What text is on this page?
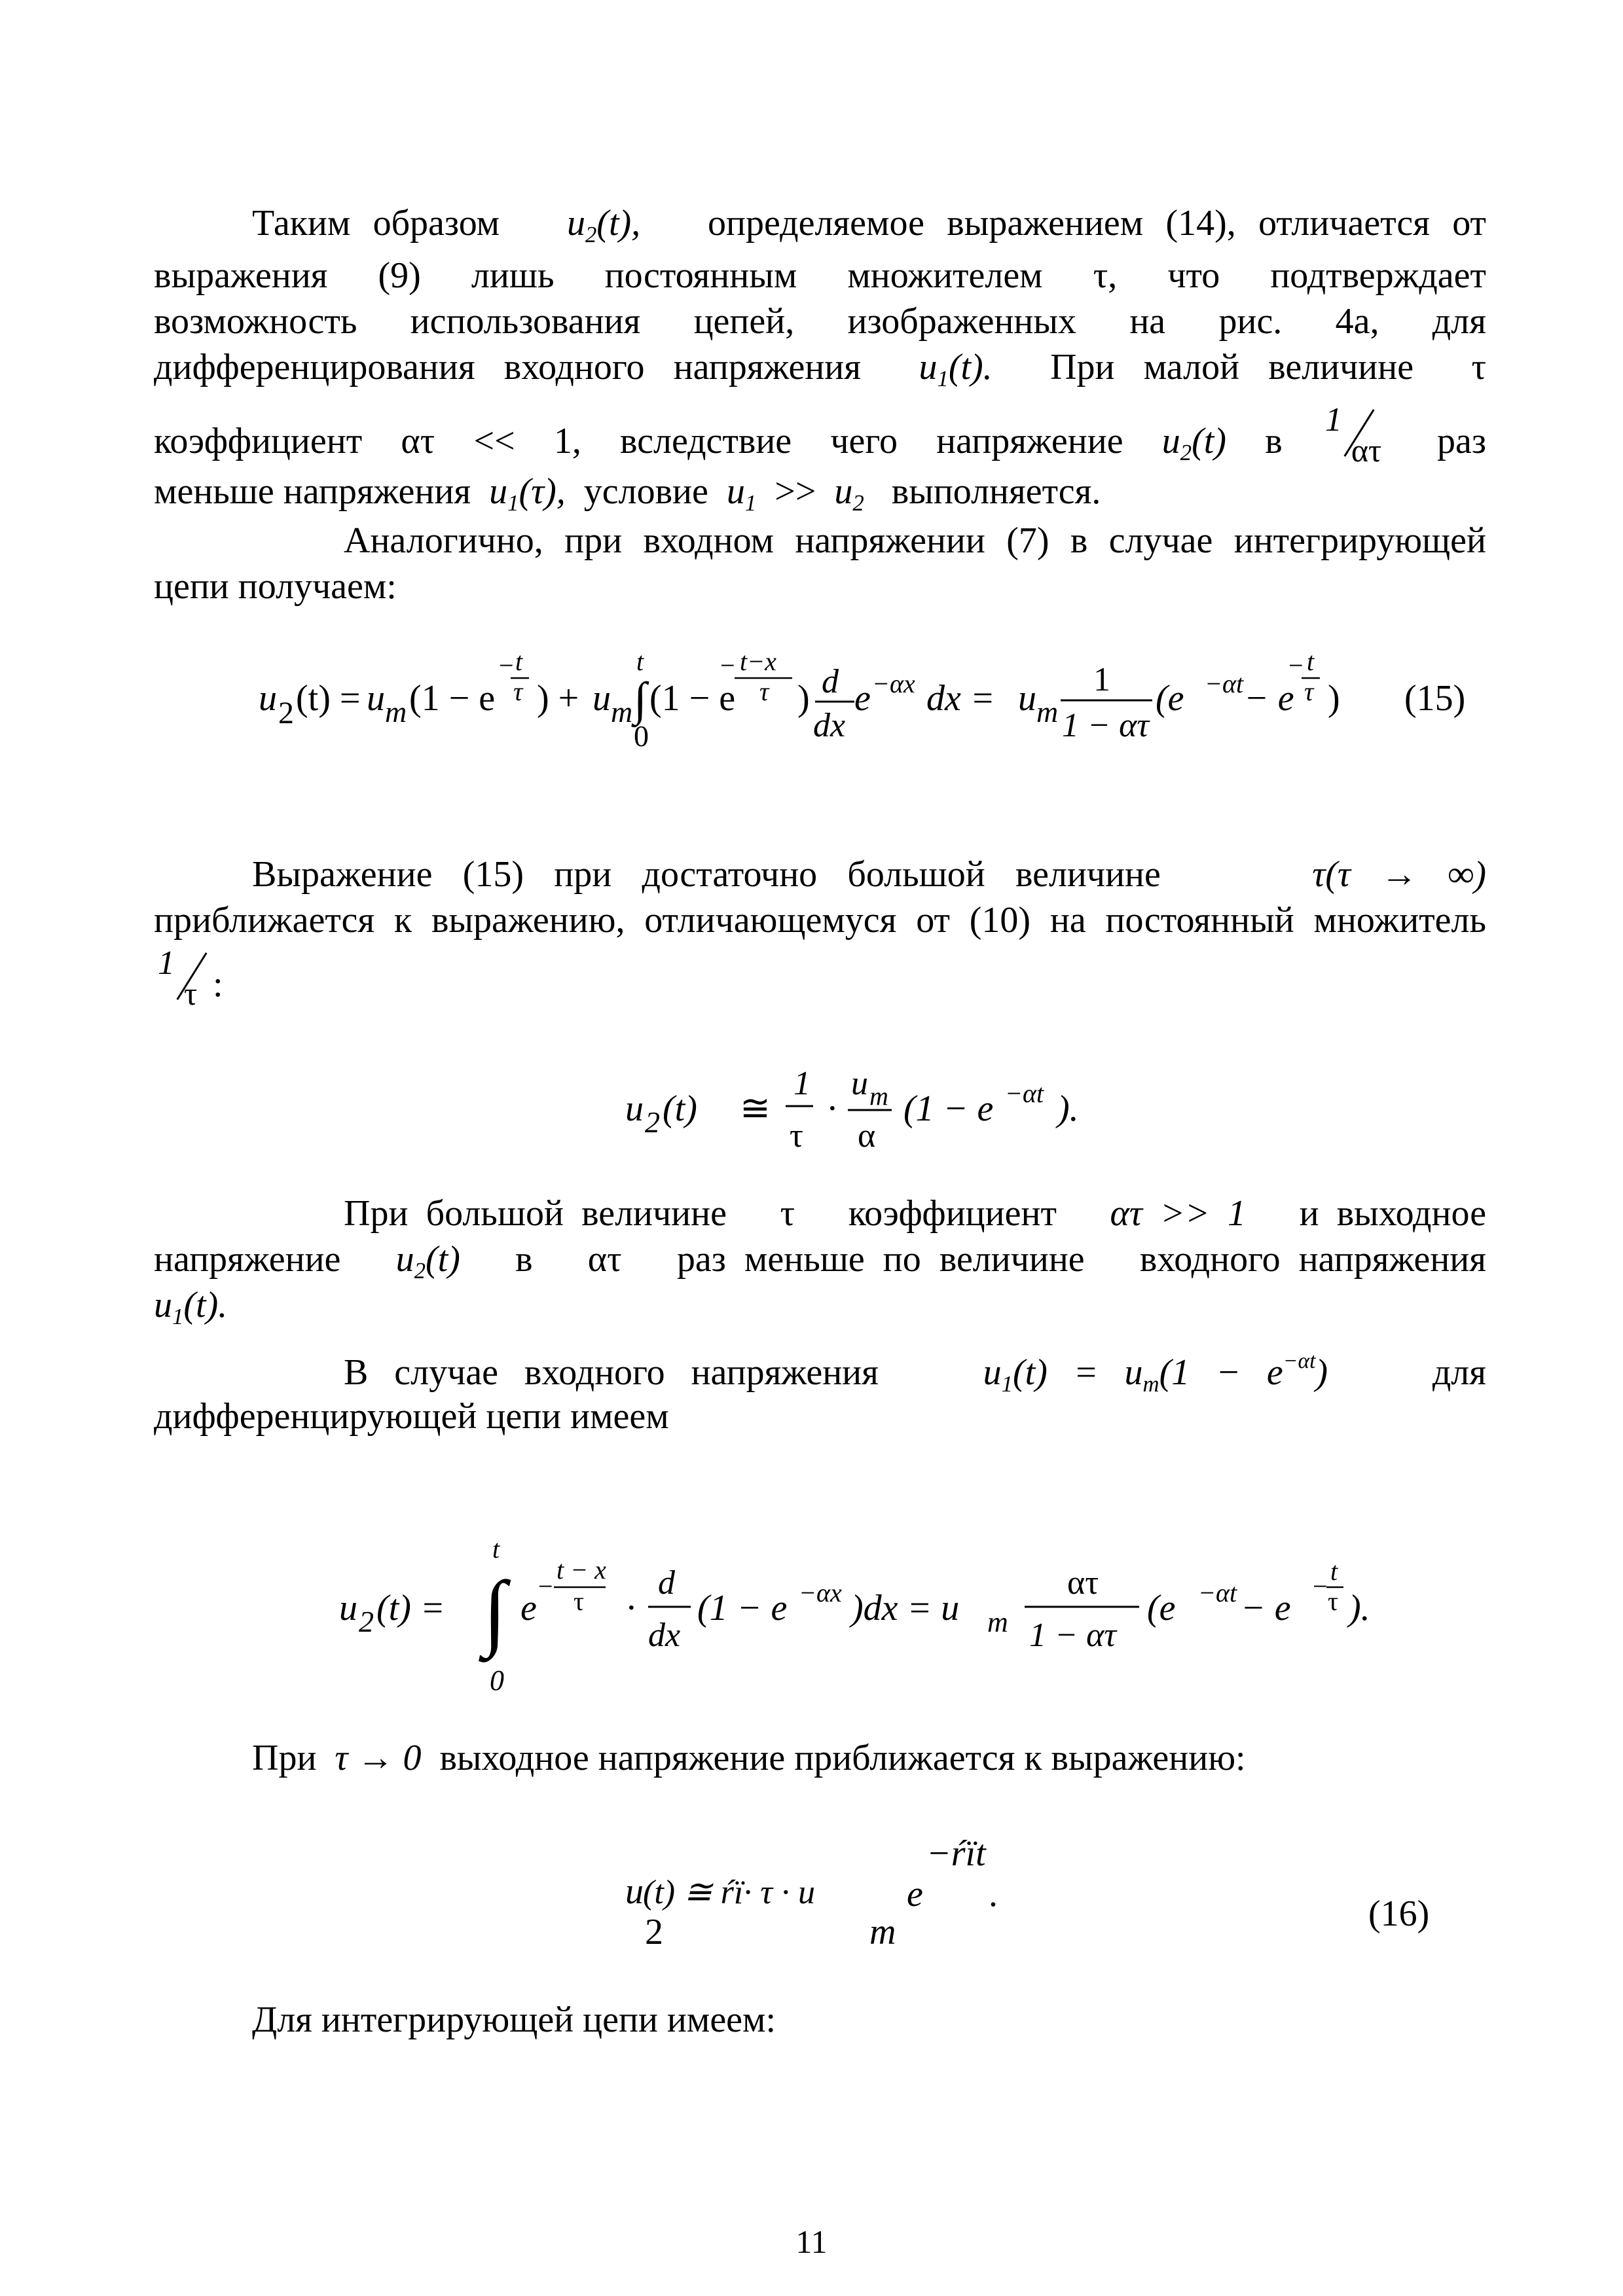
Таким образом $u_2(t)$, определяемое выражением (14), отличается от
выражения (9) лишь постоянным множителем τ, что подтверждает
возможность использования цепей, изображенных на рис. 4а, для
дифференцирования входного напряжения $u_1(t)$. При малой величине τ
коэффициент ατ << 1, вследствие чего напряжение $u_2(t)$ в
1
ατ раз
меньше напряжения $u_1(\tau)$, условие $u_1 >> u_2$ выполняется.
Аналогично, при входном напряжении (7) в случае интегрирующей
цепи получаем:
u 2 (t) = u m (1 − e
− t
τ ) + u m
t
∫
0
(1 − e
− t−x
τ ) d
dx
e −αx dx = u m
1
1 − ατ
(e −αt − e
− t
τ ) (15)
Выражение (15) при достаточно большой величине	τ(τ → ∞)
приближается к выражению, отличающемуся от (10) на постоянный множитель
1
τ :
u 2 (t) ≅
1
τ
·
u m
α
(1 − e −αt ).
При большой величине τ коэффициент ατ >> 1 и выходное
напряжение $u_2(t)$ в ατ раз меньше по величине входного напряжения
$u_1(t)$.
В случае входного напряжения	$u_1(t) = u_m(1 - e^{-\alpha t})$	для
дифференцирующей цепи имеем
u 2 (t) =
t
∫
0
e
−
t − x
τ ·
d
dx
(1 − e −αx )dx = u m
ατ
1 − ατ
(e −αt − e
−
t
τ ).
При τ → 0 выходное напряжение приближается к выражению:
u (t) ≅ ŕï· τ · u
2
e
−ŕït
m
.	(16)
Для интегрирующей цепи имеем:
11
